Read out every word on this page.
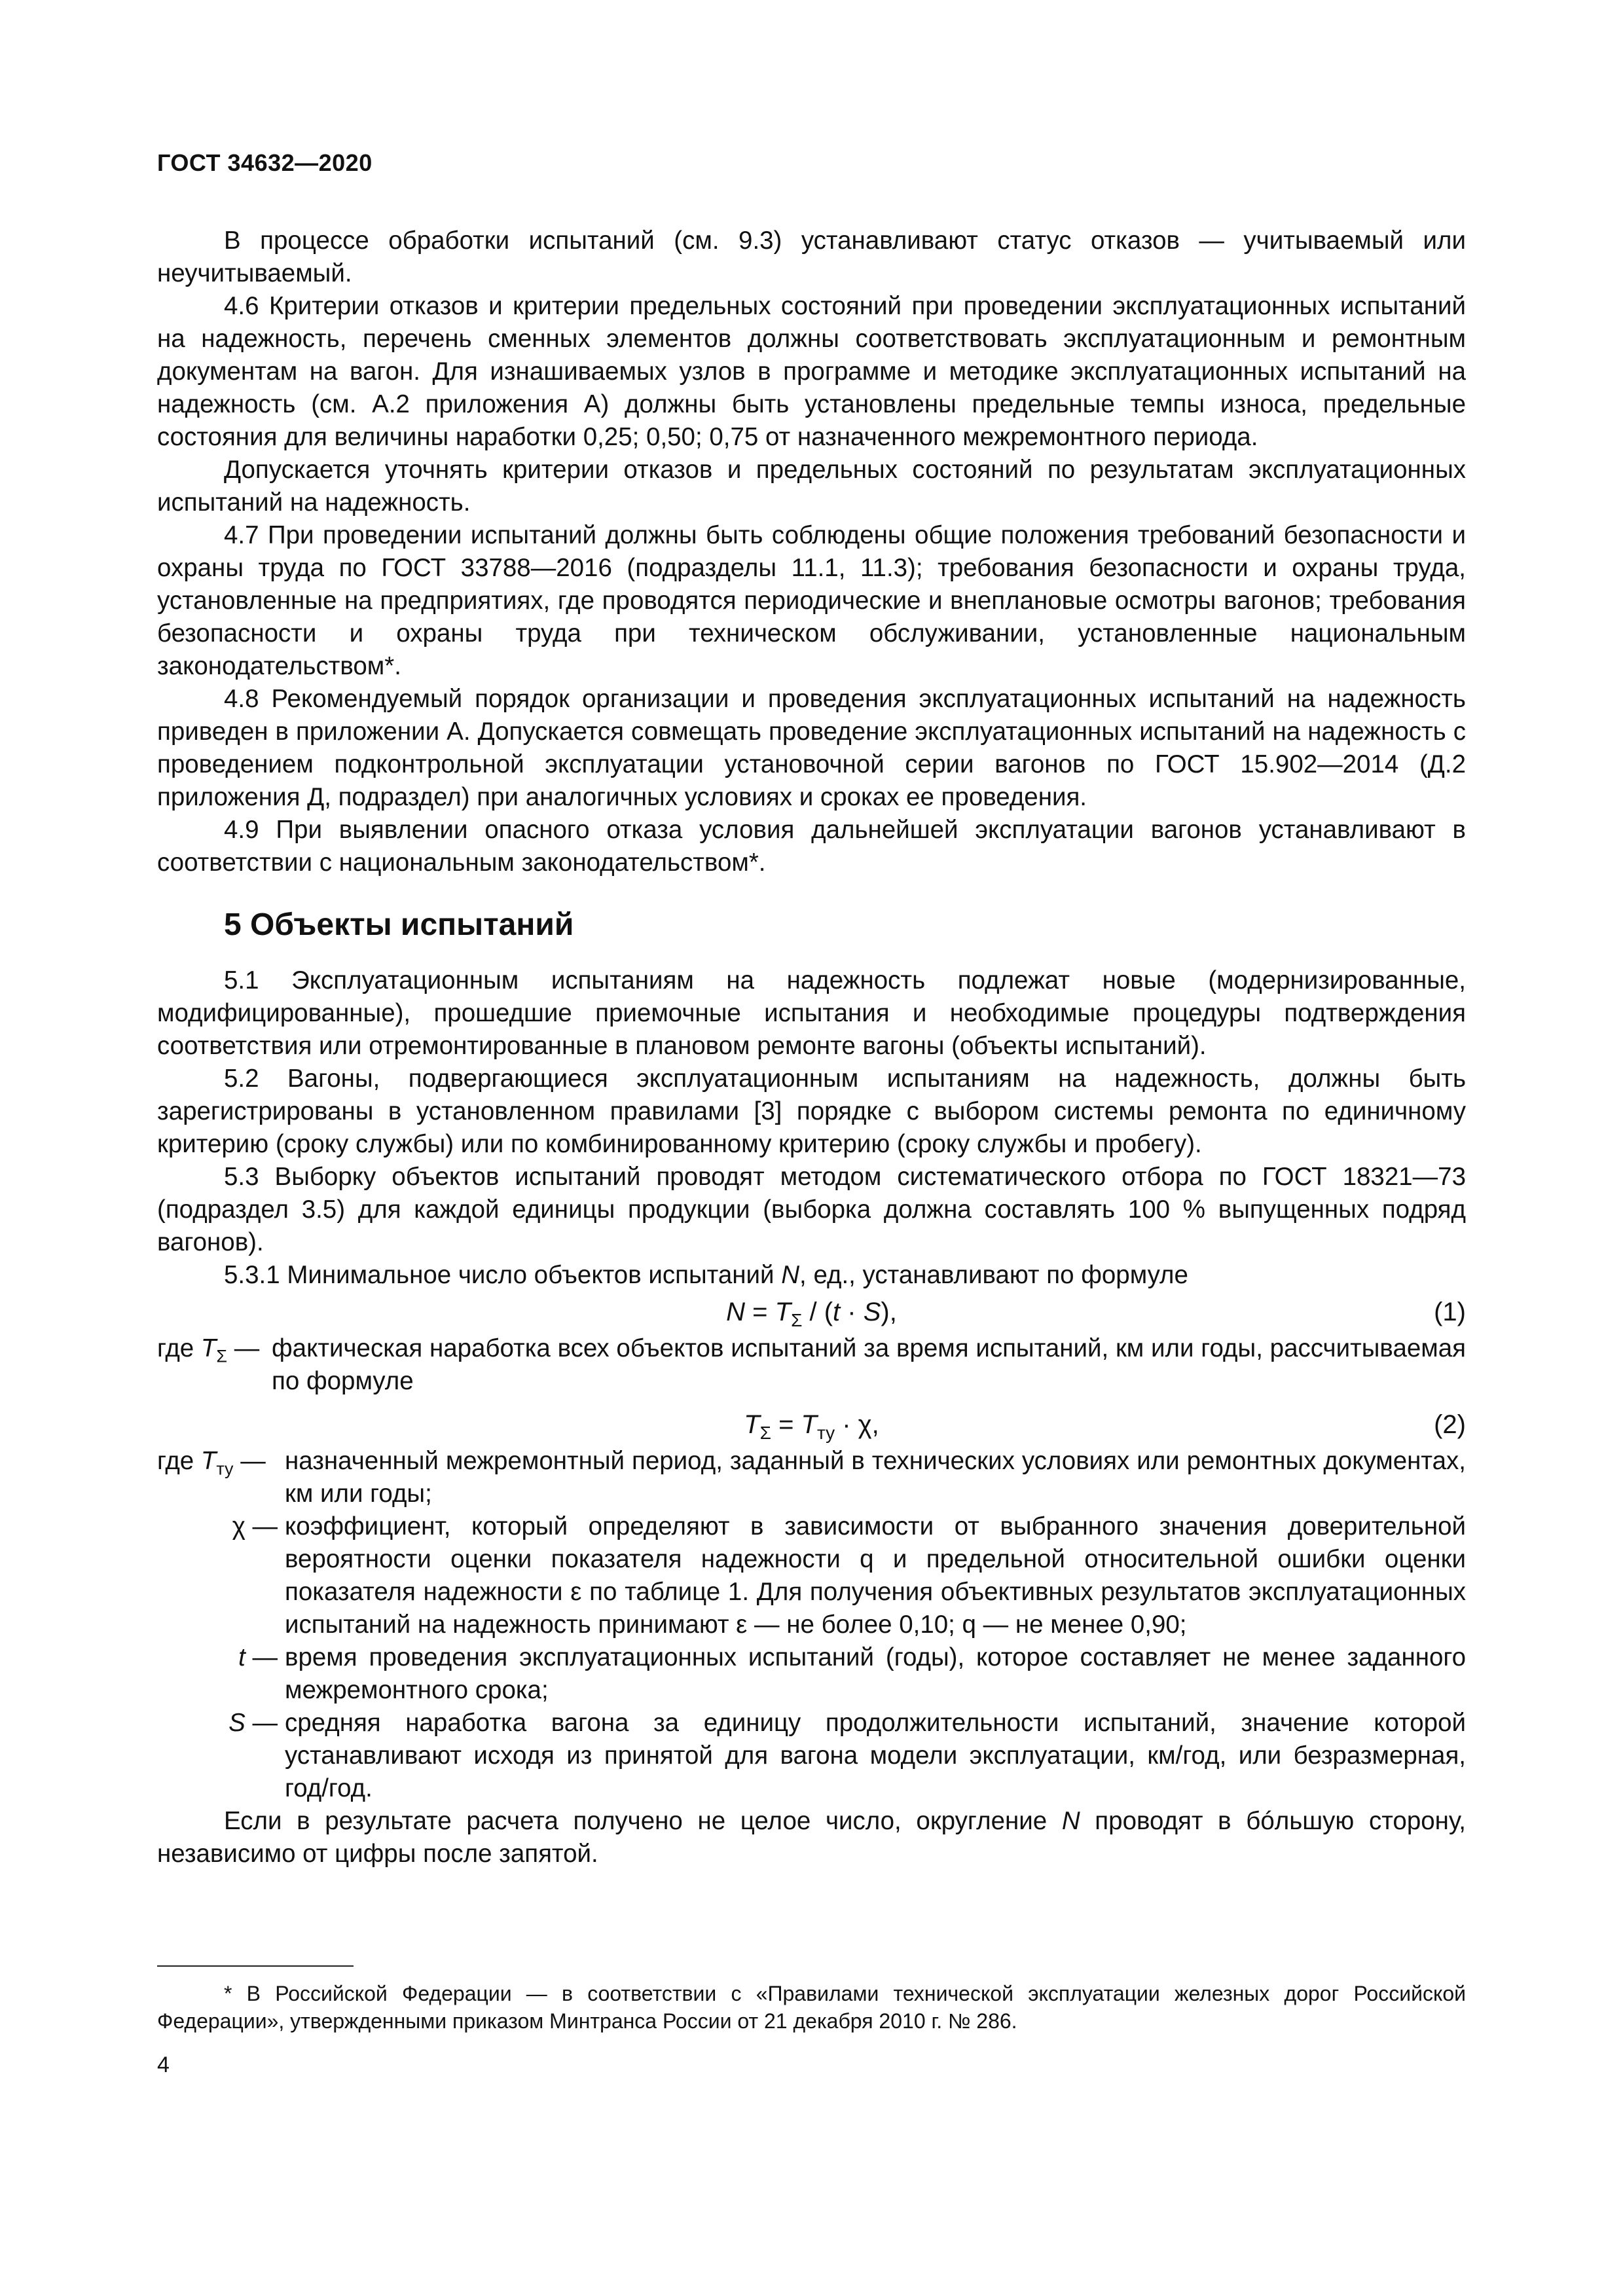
ГОСТ 34632—2020

В процессе обработки испытаний (см. 9.3) устанавливают статус отказов — учитываемый или неучитываемый.

4.6 Критерии отказов и критерии предельных состояний при проведении эксплуатационных испытаний на надежность, перечень сменных элементов должны соответствовать эксплуатационным и ремонтным документам на вагон. Для изнашиваемых узлов в программе и методике эксплуатационных испытаний на надежность (см. А.2 приложения А) должны быть установлены предельные темпы износа, предельные состояния для величины наработки 0,25; 0,50; 0,75 от назначенного межремонтного периода.

Допускается уточнять критерии отказов и предельных состояний по результатам эксплуатационных испытаний на надежность.

4.7 При проведении испытаний должны быть соблюдены общие положения требований безопасности и охраны труда по ГОСТ 33788—2016 (подразделы 11.1, 11.3); требования безопасности и охраны труда, установленные на предприятиях, где проводятся периодические и внеплановые осмотры вагонов; требования безопасности и охраны труда при техническом обслуживании, установленные национальным законодательством*.

4.8 Рекомендуемый порядок организации и проведения эксплуатационных испытаний на надежность приведен в приложении А. Допускается совмещать проведение эксплуатационных испытаний на надежность с проведением подконтрольной эксплуатации установочной серии вагонов по ГОСТ 15.902—2014 (Д.2 приложения Д, подраздел) при аналогичных условиях и сроках ее проведения.

4.9 При выявлении опасного отказа условия дальнейшей эксплуатации вагонов устанавливают в соответствии с национальным законодательством*.

5 Объекты испытаний

5.1 Эксплуатационным испытаниям на надежность подлежат новые (модернизированные, модифицированные), прошедшие приемочные испытания и необходимые процедуры подтверждения соответствия или отремонтированные в плановом ремонте вагоны (объекты испытаний).

5.2 Вагоны, подвергающиеся эксплуатационным испытаниям на надежность, должны быть зарегистрированы в установленном правилами [3] порядке с выбором системы ремонта по единичному критерию (сроку службы) или по комбинированному критерию (сроку службы и пробегу).

5.3 Выборку объектов испытаний проводят методом систематического отбора по ГОСТ 18321—73 (подраздел 3.5) для каждой единицы продукции (выборка должна составлять 100 % выпущенных подряд вагонов).

5.3.1 Минимальное число объектов испытаний N, ед., устанавливают по формуле

$N = T_\Sigma / (t \cdot S)$,	(1)
где $T_\Sigma$ — фактическая наработка всех объектов испытаний за время испытаний, км или годы, рассчитываемая по формуле
$T_\Sigma = T_{ту} \cdot \chi$,	(2)
где $T_{ту}$ — назначенный межремонтный период, заданный в технических условиях или ремонтных документах, км или годы;
χ — коэффициент, который определяют в зависимости от выбранного значения доверительной вероятности оценки показателя надежности q и предельной относительной ошибки оценки показателя надежности ε по таблице 1. Для получения объективных результатов эксплуатационных испытаний на надежность принимают ε — не более 0,10; q — не менее 0,90;
t — время проведения эксплуатационных испытаний (годы), которое составляет не менее заданного межремонтного срока;
S — средняя наработка вагона за единицу продолжительности испытаний, значение которой устанавливают исходя из принятой для вагона модели эксплуатации, км/год, или безразмерная, год/год.

Если в результате расчета получено не целое число, округление N проводят в бóльшую сторону, независимо от цифры после запятой.

* В Российской Федерации — в соответствии с «Правилами технической эксплуатации железных дорог Российской Федерации», утвержденными приказом Минтранса России от 21 декабря 2010 г. № 286.
4
